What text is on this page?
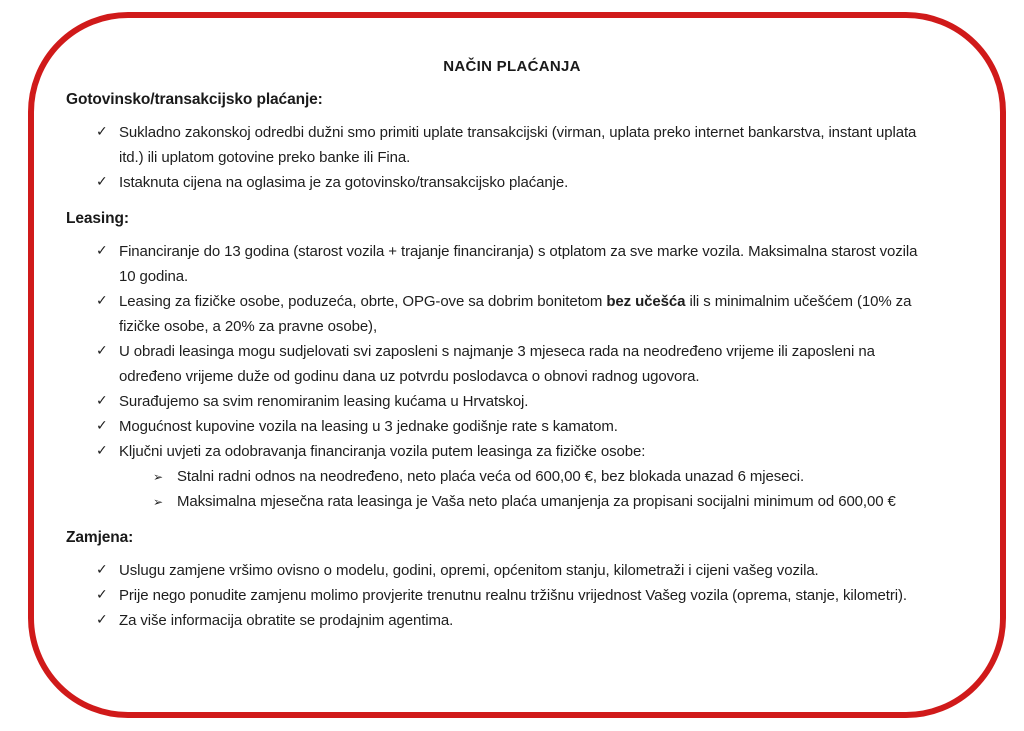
NAČIN PLAĆANJA
Gotovinsko/transakcijsko plaćanje:
✓ Sukladno zakonskoj odredbi dužni smo primiti uplate transakcijski (virman, uplata preko internet bankarstva, instant uplata itd.) ili uplatom gotovine preko banke ili Fina.
✓ Istaknuta cijena na oglasima je za gotovinsko/transakcijsko plaćanje.
Leasing:
✓ Financiranje do 13 godina (starost vozila + trajanje financiranja) s otplatom za sve marke vozila. Maksimalna starost vozila 10 godina.
✓ Leasing za fizičke osobe, poduzeća, obrte, OPG-ove sa dobrim bonitetom bez učešća ili s minimalnim učešćem (10% za fizičke osobe, a 20% za pravne osobe),
✓ U obradi leasinga mogu sudjelovati svi zaposleni s najmanje 3 mjeseca rada na neodređeno vrijeme ili zaposleni na određeno vrijeme duže od godinu dana uz potvrdu poslodavca o obnovi radnog ugovora.
✓ Surađujemo sa svim renomiranim leasing kućama u Hrvatskoj.
✓ Mogućnost kupovine vozila na leasing u 3 jednake godišnje rate s kamatom.
✓ Ključni uvjeti za odobravanja financiranja vozila putem leasinga za fizičke osobe:
➢ Stalni radni odnos na neodređeno, neto plaća veća od 600,00 €, bez blokada unazad 6 mjeseci.
➢ Maksimalna mjesečna rata leasinga je Vaša neto plaća umanjenja za propisani socijalni minimum od 600,00 €
Zamjena:
✓ Uslugu zamjene vršimo ovisno o modelu, godini, opremi, općenitom stanju, kilometraži i cijeni vašeg vozila.
✓ Prije nego ponudite zamjenu molimo provjerite trenutnu realnu tržišnu vrijednost Vašeg vozila (oprema, stanje, kilometri).
✓ Za više informacija obratite se prodajnim agentima.
